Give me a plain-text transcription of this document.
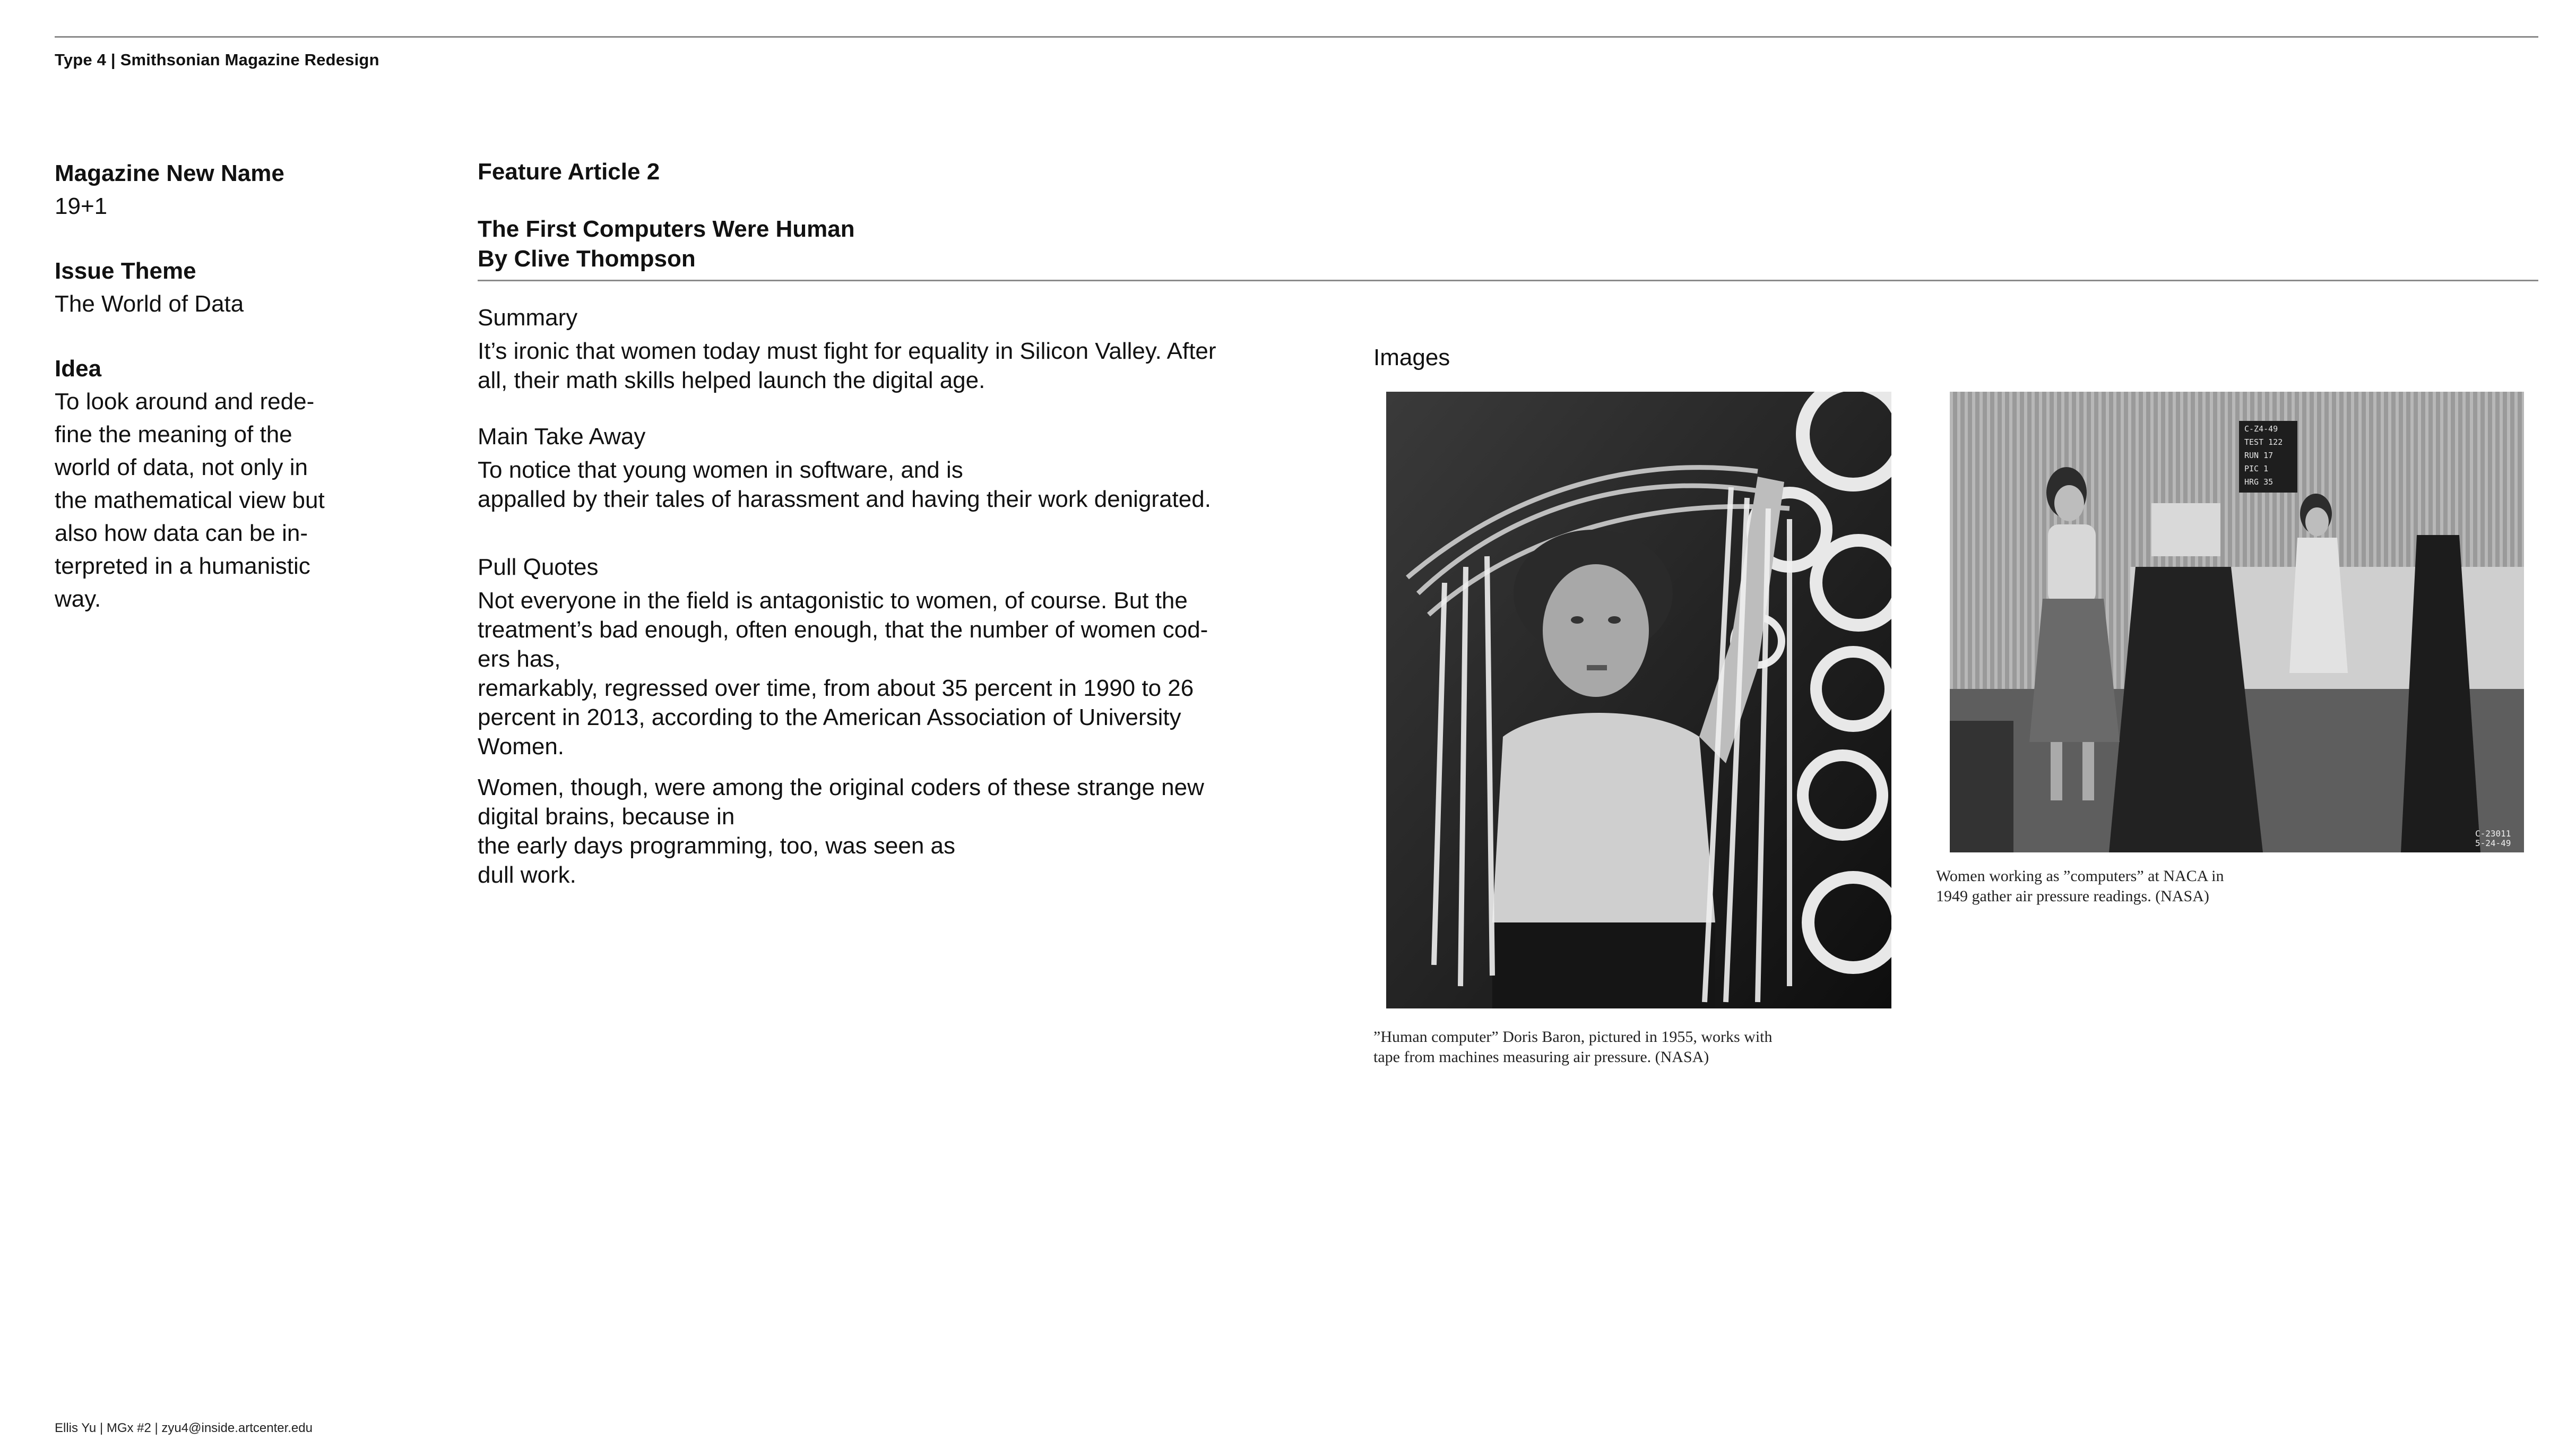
Type 4 | Smithsonian Magazine Redesign
Magazine New Name
19+1
Issue Theme
The World of Data
Idea
To look around and rede-
fine the meaning of the
world of data, not only in
the mathematical view but
also how data can be in-
terpreted in a humanistic
way.
Feature Article 2
The First Computers Were Human
By Clive Thompson
Summary
It’s ironic that women today must fight for equality in Silicon Valley. After
all, their math skills helped launch the digital age.
Main Take Away
To notice that young women in software, and is
appalled by their tales of harassment and having their work denigrated.
Pull Quotes
Not everyone in the field is antagonistic to women, of course. But the
treatment’s bad enough, often enough, that the number of women cod-
ers has,
remarkably, regressed over time, from about 35 percent in 1990 to 26
percent in 2013, according to the American Association of University
Women.
Women, though, were among the original coders of these strange new
digital brains, because in
the early days programming, too, was seen as
dull work.
Images
”Human computer” Doris Baron, pictured in 1955, works with
tape from machines measuring air pressure. (NASA)
C-Z4-49
TEST 122
RUN 17
PIC 1
HRG 35
C-23011 5-24-49
Women working as ”computers” at NACA in
1949 gather air pressure readings. (NASA)
Ellis Yu | MGx #2 | zyu4@inside.artcenter.edu
